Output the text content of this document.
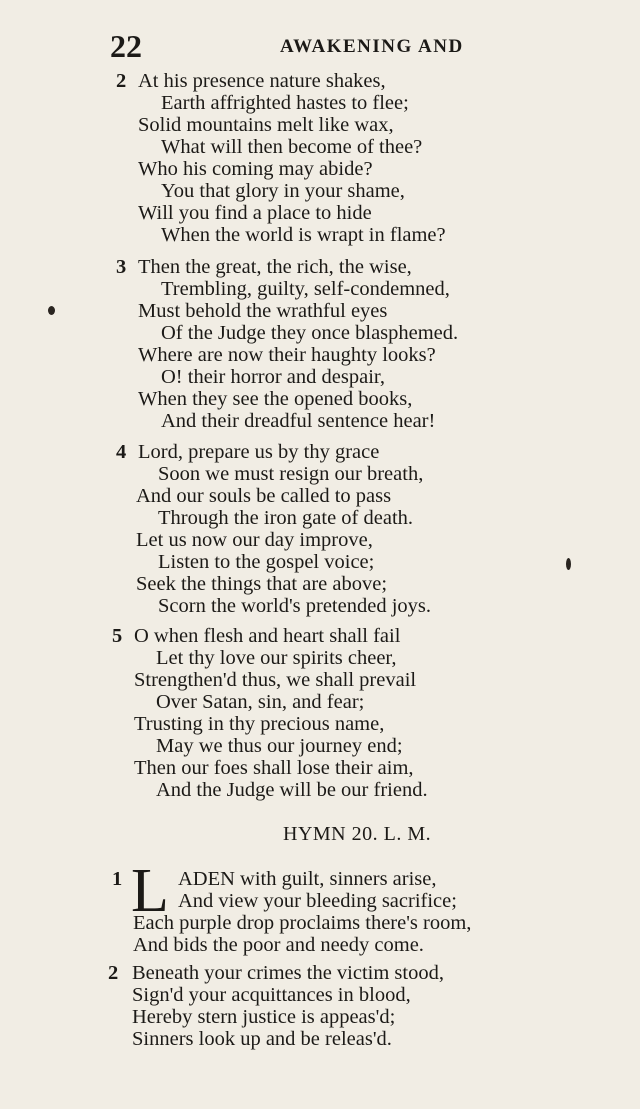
22	AWAKENING AND
2 At his presence nature shakes,
Earth affrighted hastes to flee;
Solid mountains melt like wax,
What will then become of thee?
Who his coming may abide?
You that glory in your shame,
Will you find a place to hide
When the world is wrapt in flame?
3 Then the great, the rich, the wise,
Trembling, guilty, self-condemned,
Must behold the wrathful eyes
Of the Judge they once blasphemed.
Where are now their haughty looks?
O! their horror and despair,
When they see the opened books,
And their dreadful sentence hear!
4 Lord, prepare us by thy grace
Soon we must resign our breath,
And our souls be called to pass
Through the iron gate of death.
Let us now our day improve,
Listen to the gospel voice;
Seek the things that are above;
Scorn the world's pretended joys.
5 O when flesh and heart shall fail
Let thy love our spirits cheer,
Strengthen'd thus, we shall prevail
Over Satan, sin, and fear;
Trusting in thy precious name,
May we thus our journey end;
Then our foes shall lose their aim,
And the Judge will be our friend.
HYMN 20. L. M.
1 L ADEN with guilt, sinners arise,
And view your bleeding sacrifice;
Each purple drop proclaims there's room,
And bids the poor and needy come.
2 Beneath your crimes the victim stood,
Sign'd your acquittances in blood,
Hereby stern justice is appeas'd;
Sinners look up and be releas'd.
